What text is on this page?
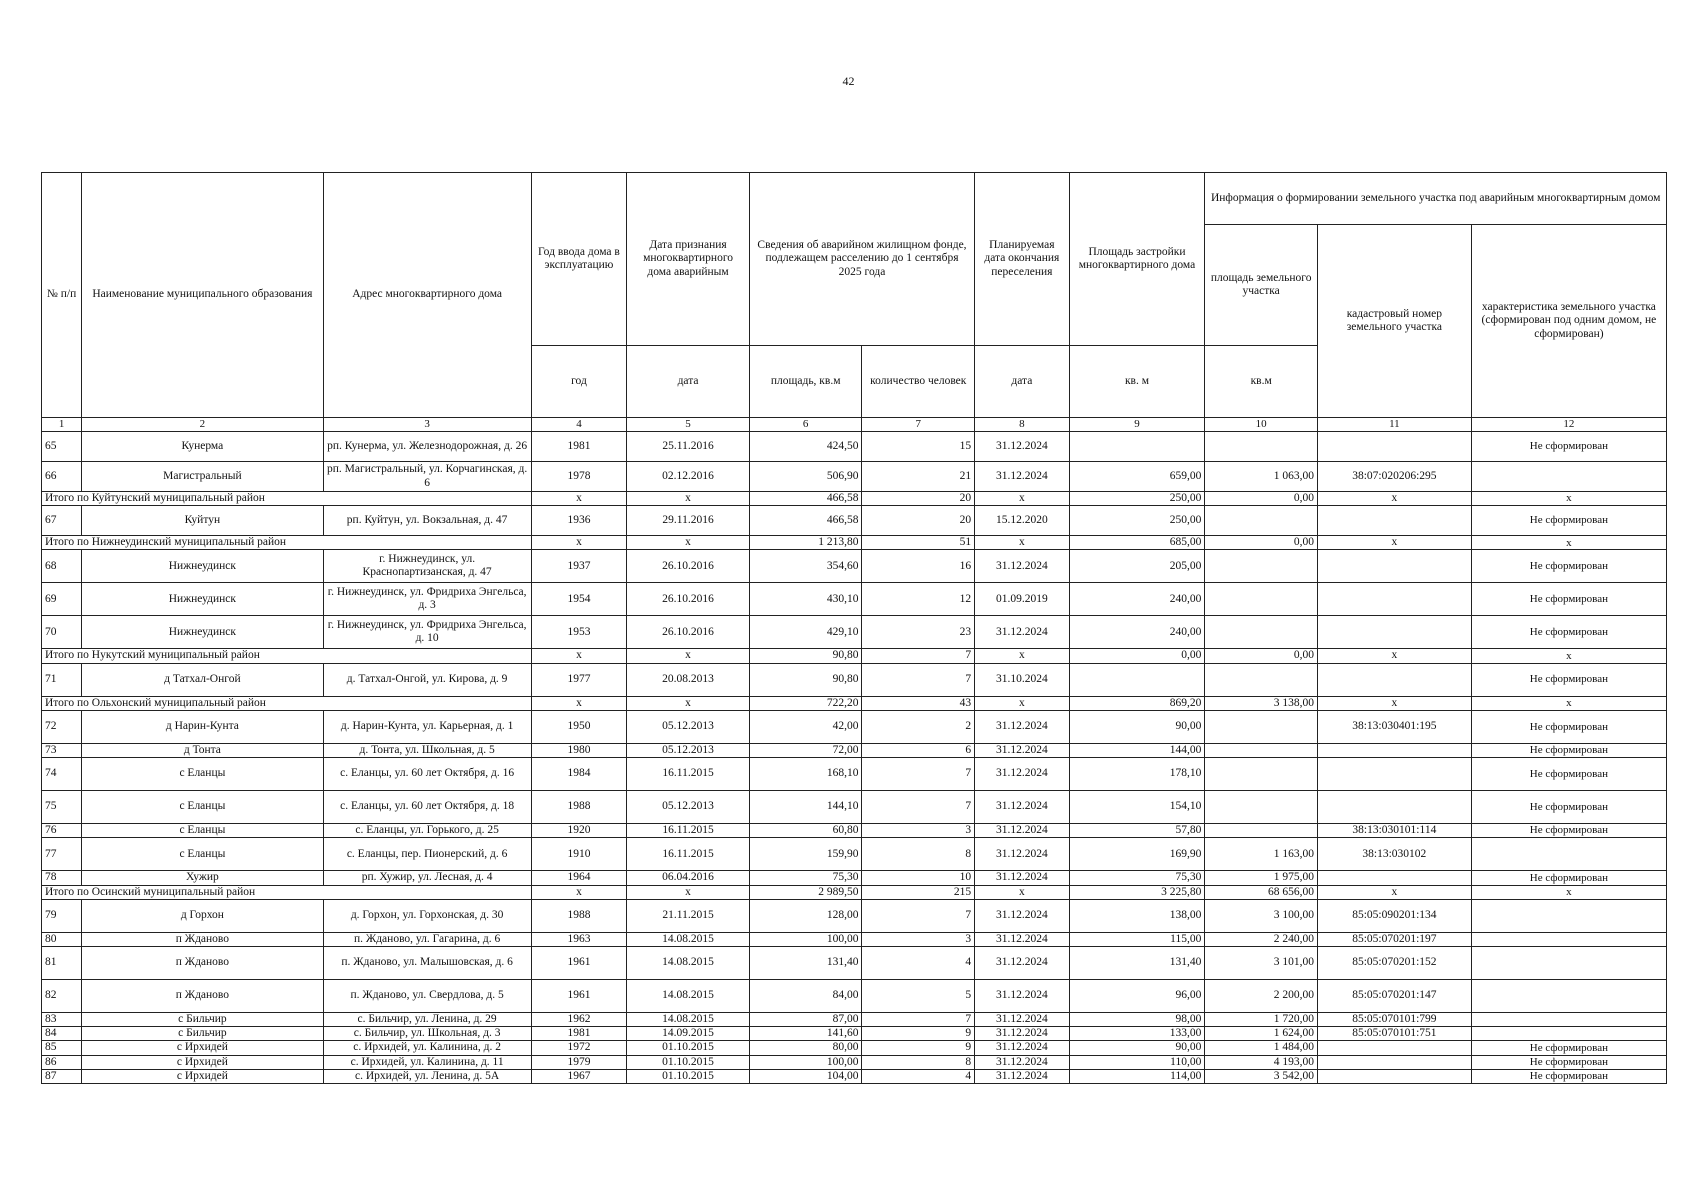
42
№ п/п	Наименование муниципального образования	Адрес многоквартирного дома	Год ввода дома в эксплуатацию	Дата признания многоквартирного дома аварийным	Сведения об аварийном жилищном фонде, подлежащем расселению до 1 сентября 2025 года		Планируемая дата окончания переселения	Площадь застройки многоквартирного дома	Информация о формировании земельного участка под аварийным многоквартирным домом		
									площадь земельного участка	кадастровый номер земельного участка	характеристика земельного участка (сформирован под одним домом, не сформирован)
			год	дата	площадь, кв.м	количество человек	дата	кв. м	кв.м		
1	2	3	4	5	6	7	8	9	10	11	12
65	Кунерма	рп. Кунерма, ул. Железнодорожная, д. 26	1981	25.11.2016	424,50	15	31.12.2024				Не сформирован
66	Магистральный	рп. Магистральный, ул. Корчагинская, д. 6	1978	02.12.2016	506,90	21	31.12.2024	659,00	1 063,00	38:07:020206:295	
Итого по Куйтунский муниципальный район			х	х	466,58	20	х	250,00	0,00	х	х
67	Куйтун	рп. Куйтун, ул. Вокзальная, д. 47	1936	29.11.2016	466,58	20	15.12.2020	250,00			Не сформирован
Итого по Нижнеудинский муниципальный район			х	х	1 213,80	51	х	685,00	0,00	х	х
68	Нижнеудинск	г. Нижнеудинск, ул. Краснопартизанская, д. 47	1937	26.10.2016	354,60	16	31.12.2024	205,00			Не сформирован
69	Нижнеудинск	г. Нижнеудинск, ул. Фридриха Энгельса, д. 3	1954	26.10.2016	430,10	12	01.09.2019	240,00			Не сформирован
70	Нижнеудинск	г. Нижнеудинск, ул. Фридриха Энгельса, д. 10	1953	26.10.2016	429,10	23	31.12.2024	240,00			Не сформирован
Итого по Нукутский муниципальный район			х	х	90,80	7	х	0,00	0,00	х	х
71	д Татхал-Онгой	д. Татхал-Онгой, ул. Кирова, д. 9	1977	20.08.2013	90,80	7	31.10.2024				Не сформирован
Итого по Ольхонский муниципальный район			х	х	722,20	43	х	869,20	3 138,00	х	х
72	д Нарин-Кунта	д. Нарин-Кунта, ул. Карьерная, д. 1	1950	05.12.2013	42,00	2	31.12.2024	90,00		38:13:030401:195	Не сформирован
73	д Тонта	д. Тонта, ул. Школьная, д. 5	1980	05.12.2013	72,00	6	31.12.2024	144,00			Не сформирован
74	с Еланцы	с. Еланцы, ул. 60 лет Октября, д. 16	1984	16.11.2015	168,10	7	31.12.2024	178,10			Не сформирован
75	с Еланцы	с. Еланцы, ул. 60 лет Октября, д. 18	1988	05.12.2013	144,10	7	31.12.2024	154,10			Не сформирован
76	с Еланцы	с. Еланцы, ул. Горького, д. 25	1920	16.11.2015	60,80	3	31.12.2024	57,80		38:13:030101:114	Не сформирован
77	с Еланцы	с. Еланцы, пер. Пионерский, д. 6	1910	16.11.2015	159,90	8	31.12.2024	169,90	1 163,00	38:13:030102	
78	Хужир	рп. Хужир, ул. Лесная, д. 4	1964	06.04.2016	75,30	10	31.12.2024	75,30	1 975,00		Не сформирован
Итого по Осинский муниципальный район			х	х	2 989,50	215	х	3 225,80	68 656,00	х	х
79	д Горхон	д. Горхон, ул. Горхонская, д. 30	1988	21.11.2015	128,00	7	31.12.2024	138,00	3 100,00	85:05:090201:134	
80	п Жданово	п. Жданово, ул. Гагарина, д. 6	1963	14.08.2015	100,00	3	31.12.2024	115,00	2 240,00	85:05:070201:197	
81	п Жданово	п. Жданово, ул. Малышовская, д. 6	1961	14.08.2015	131,40	4	31.12.2024	131,40	3 101,00	85:05:070201:152	
82	п Жданово	п. Жданово, ул. Свердлова, д. 5	1961	14.08.2015	84,00	5	31.12.2024	96,00	2 200,00	85:05:070201:147	
83	с Бильчир	с. Бильчир, ул. Ленина, д. 29	1962	14.08.2015	87,00	7	31.12.2024	98,00	1 720,00	85:05:070101:799	
84	с Бильчир	с. Бильчир, ул. Школьная, д. 3	1981	14.09.2015	141,60	9	31.12.2024	133,00	1 624,00	85:05:070101:751	
85	с Ирхидей	с. Ирхидей, ул. Калинина, д. 2	1972	01.10.2015	80,00	9	31.12.2024	90,00	1 484,00		Не сформирован
86	с Ирхидей	с. Ирхидей, ул. Калинина, д. 11	1979	01.10.2015	100,00	8	31.12.2024	110,00	4 193,00		Не сформирован
87	с Ирхидей	с. Ирхидей, ул. Ленина, д. 5А	1967	01.10.2015	104,00	4	31.12.2024	114,00	3 542,00		Не сформирован
